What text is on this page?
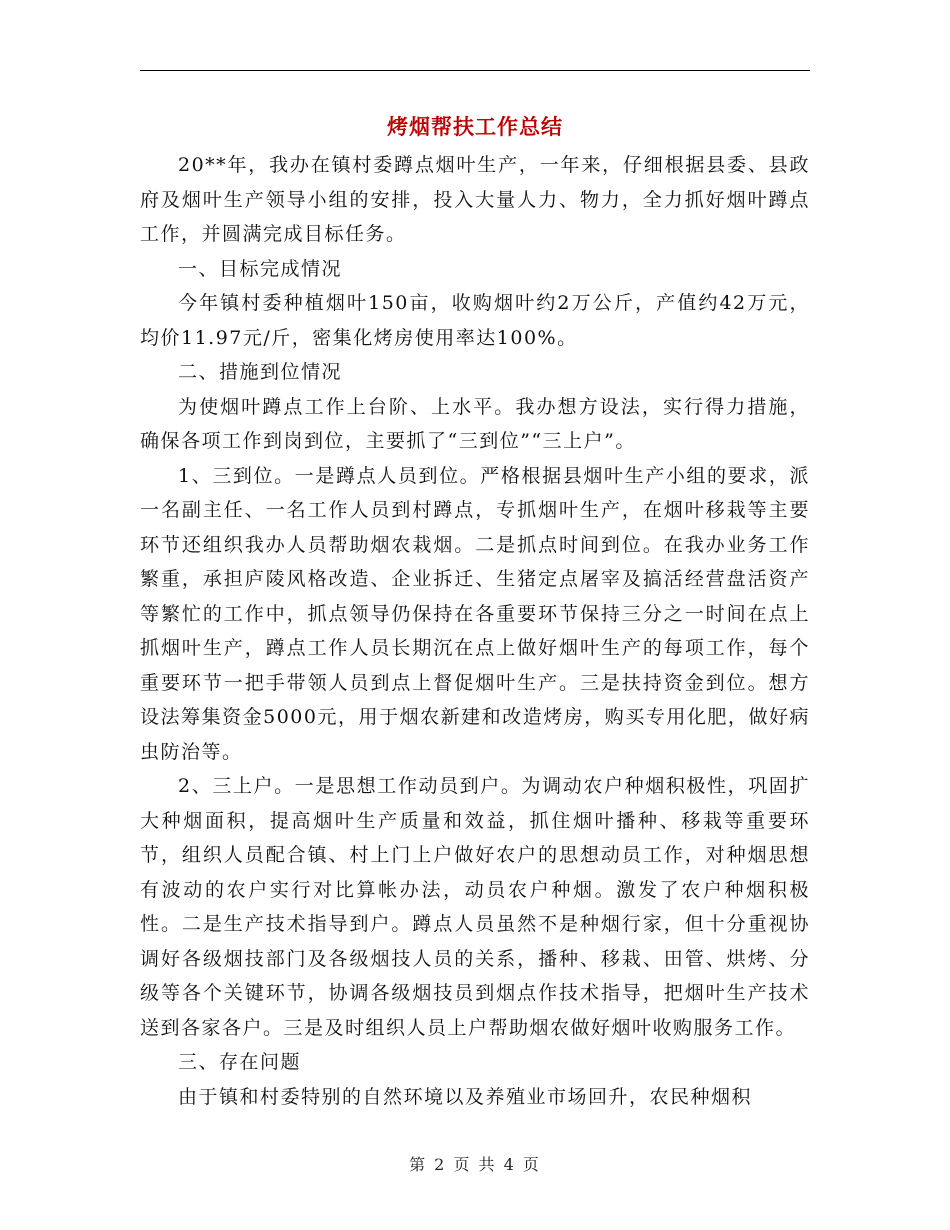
烤烟帮扶工作总结

20**年，我办在镇村委蹲点烟叶生产，一年来，仔细根据县委、县政府及烟叶生产领导小组的安排，投入大量人力、物力，全力抓好烟叶蹲点工作，并圆满完成目标任务。

一、目标完成情况

今年镇村委种植烟叶150亩，收购烟叶约2万公斤，产值约42万元，均价11.97元/斤，密集化烤房使用率达100%。

二、措施到位情况

为使烟叶蹲点工作上台阶、上水平。我办想方设法，实行得力措施，确保各项工作到岗到位，主要抓了“三到位”“三上户”。

1、三到位。一是蹲点人员到位。严格根据县烟叶生产小组的要求，派一名副主任、一名工作人员到村蹲点，专抓烟叶生产，在烟叶移栽等主要环节还组织我办人员帮助烟农栽烟。二是抓点时间到位。在我办业务工作繁重，承担庐陵风格改造、企业拆迁、生猪定点屠宰及搞活经营盘活资产等繁忙的工作中，抓点领导仍保持在各重要环节保持三分之一时间在点上抓烟叶生产，蹲点工作人员长期沉在点上做好烟叶生产的每项工作，每个重要环节一把手带领人员到点上督促烟叶生产。三是扶持资金到位。想方设法筹集资金5000元，用于烟农新建和改造烤房，购买专用化肥，做好病虫防治等。

2、三上户。一是思想工作动员到户。为调动农户种烟积极性，巩固扩大种烟面积，提高烟叶生产质量和效益，抓住烟叶播种、移栽等重要环节，组织人员配合镇、村上门上户做好农户的思想动员工作，对种烟思想有波动的农户实行对比算帐办法，动员农户种烟。激发了农户种烟积极性。二是生产技术指导到户。蹲点人员虽然不是种烟行家，但十分重视协调好各级烟技部门及各级烟技人员的关系，播种、移栽、田管、烘烤、分级等各个关键环节，协调各级烟技员到烟点作技术指导，把烟叶生产技术送到各家各户。三是及时组织人员上户帮助烟农做好烟叶收购服务工作。

三、存在问题

由于镇和村委特别的自然环境以及养殖业市场回升，农民种烟积

第 2 页 共 4 页
